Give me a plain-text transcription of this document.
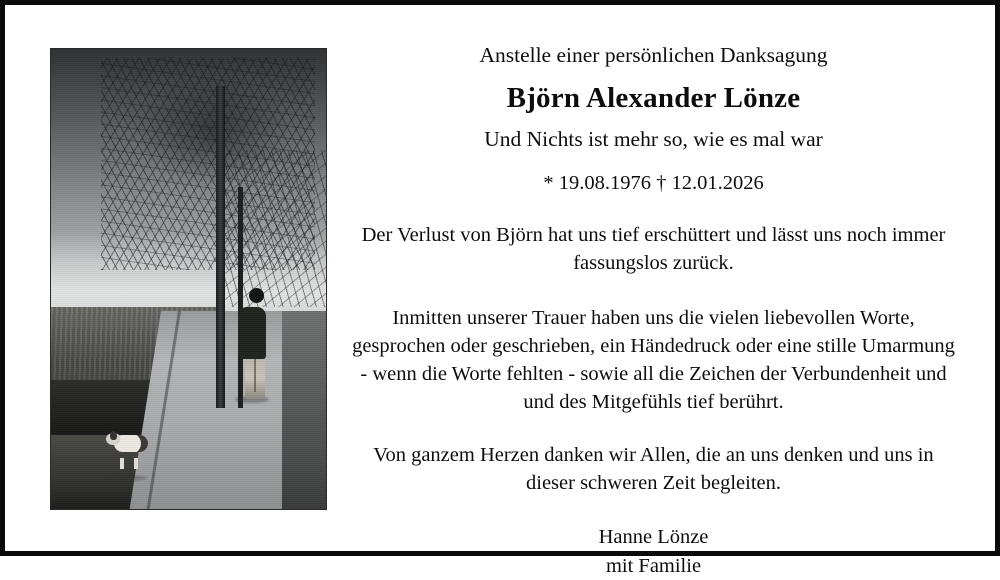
Anstelle einer persönlichen Danksagung
Björn Alexander Lönze
Und Nichts ist mehr so, wie es mal war
* 19.08.1976 † 12.01.2026

Der Verlust von Björn hat uns tief erschüttert und lässt uns noch immer fassungslos zurück.

Inmitten unserer Trauer haben uns die vielen liebevollen Worte, gesprochen oder geschrieben, ein Händedruck oder eine stille Umarmung - wenn die Worte fehlten - sowie all die Zeichen der Verbundenheit und und des Mitgefühls tief berührt.

Von ganzem Herzen danken wir Allen, die an uns denken und uns in dieser schweren Zeit begleiten.

Hanne Lönze
mit Familie
